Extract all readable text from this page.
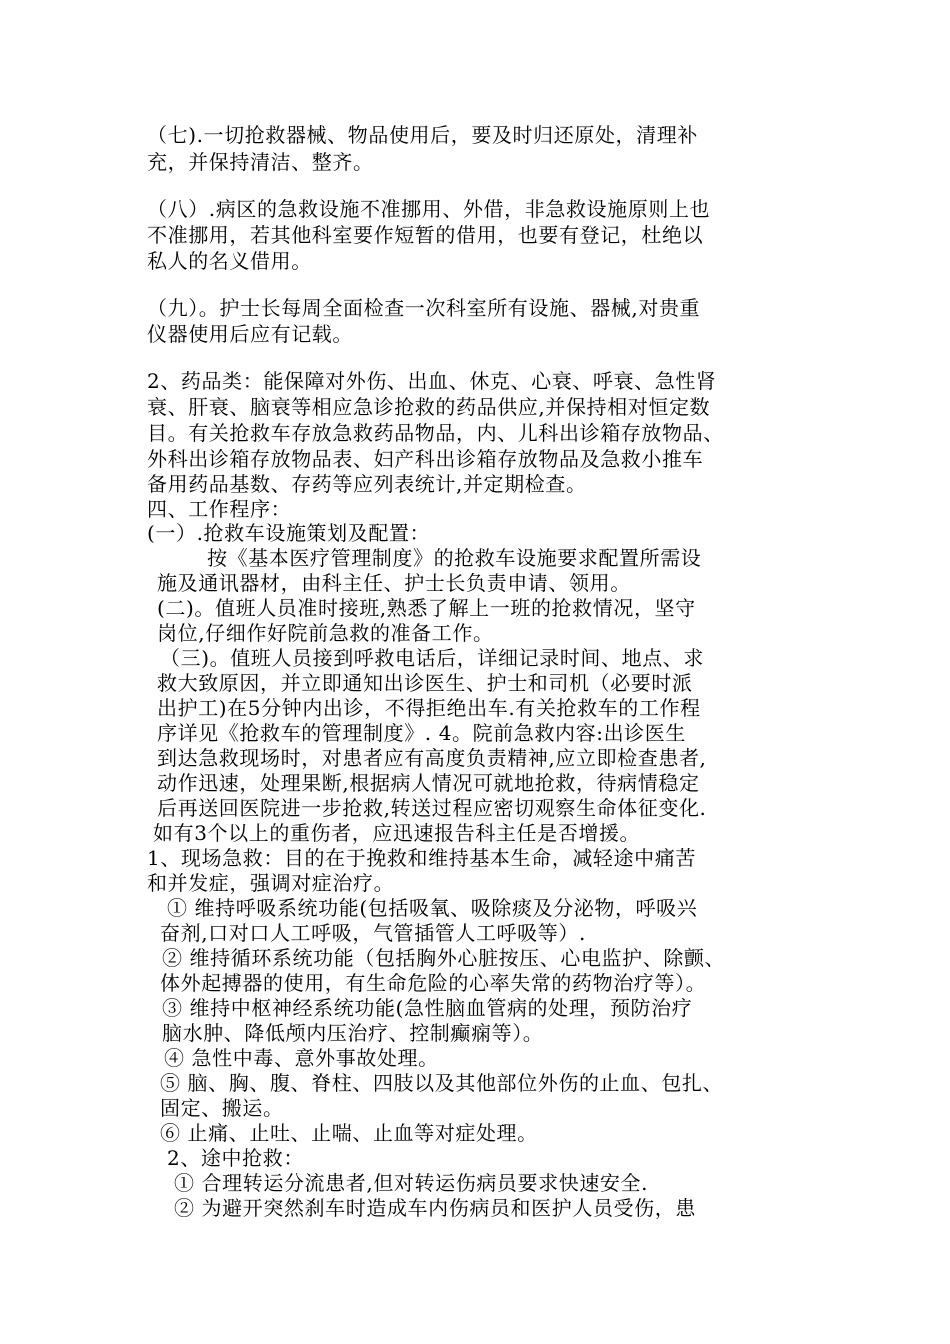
（七).一切抢救器械、物品使用后，要及时归还原处，清理补
充，并保持清洁、整齐。
（八）.病区的急救设施不准挪用、外借，非急救设施原则上也
不准挪用，若其他科室要作短暂的借用，也要有登记，杜绝以
私人的名义借用。
（九）。护士长每周全面检查一次科室所有设施、器械,对贵重
仪器使用后应有记载。
2、药品类：能保障对外伤、出血、休克、心衰、呼衰、急性肾
衰、肝衰、脑衰等相应急诊抢救的药品供应,并保持相对恒定数
目。有关抢救车存放急救药品物品，内、儿科出诊箱存放物品、
外科出诊箱存放物品表、妇产科出诊箱存放物品及急救小推车
备用药品基数、存药等应列表统计,并定期检查。
四、工作程序：
(一）.抢救车设施策划及配置：
按《基本医疗管理制度》的抢救车设施要求配置所需设
施及通讯器材，由科主任、护士长负责申请、领用。
(二)。值班人员准时接班,熟悉了解上一班的抢救情况，坚守
岗位,仔细作好院前急救的准备工作。
（三)。值班人员接到呼救电话后，详细记录时间、地点、求
救大致原因，并立即通知出诊医生、护士和司机（必要时派
出护工)在5分钟内出诊，不得拒绝出车.有关抢救车的工作程
序详见《抢救车的管理制度》. 4。院前急救内容:出诊医生
到达急救现场时，对患者应有高度负责精神,应立即检查患者,
动作迅速，处理果断,根据病人情况可就地抢救，待病情稳定
后再送回医院进一步抢救,转送过程应密切观察生命体征变化.
如有3个以上的重伤者，应迅速报告科主任是否增援。
1、现场急救：目的在于挽救和维持基本生命，减轻途中痛苦
和并发症，强调对症治疗。
① 维持呼吸系统功能(包括吸氧、吸除痰及分泌物，呼吸兴
奋剂,口对口人工呼吸，气管插管人工呼吸等）.
② 维持循环系统功能（包括胸外心脏按压、心电监护、除颤、
体外起搏器的使用，有生命危险的心率失常的药物治疗等）。
③ 维持中枢神经系统功能(急性脑血管病的处理，预防治疗
脑水肿、降低颅内压治疗、控制癫痫等）。
④ 急性中毒、意外事故处理。
⑤ 脑、胸、腹、脊柱、四肢以及其他部位外伤的止血、包扎、
固定、搬运。
⑥ 止痛、止吐、止喘、止血等对症处理。
2、途中抢救：
① 合理转运分流患者,但对转运伤病员要求快速安全.
② 为避开突然刹车时造成车内伤病员和医护人员受伤，患
